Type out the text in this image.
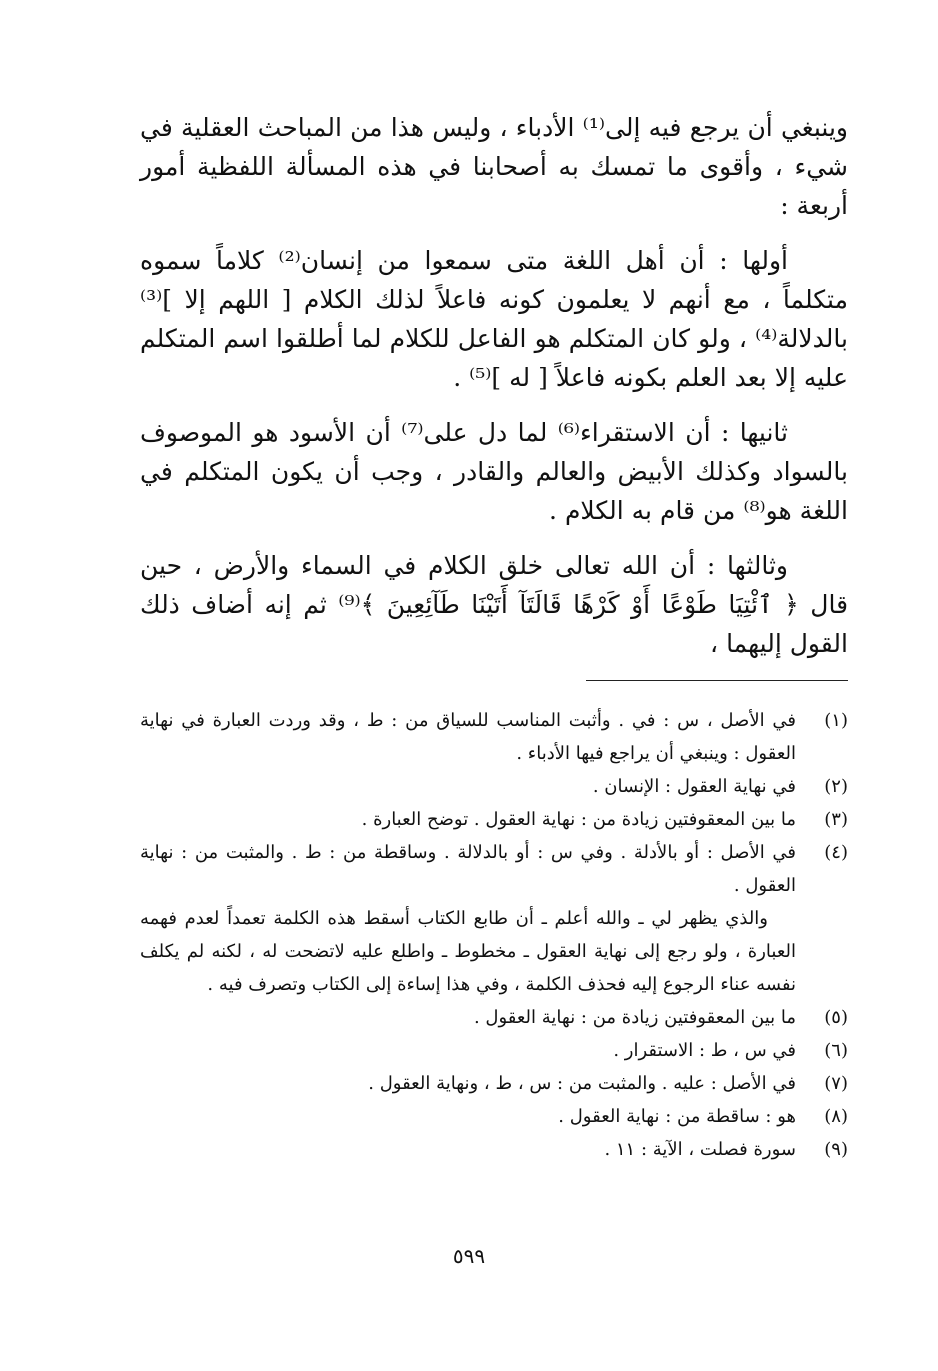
وينبغي أن يرجع فيه إلى⁽¹⁾ الأدباء ، وليس هذا من المباحث العقلية في شيء ، وأقوى ما تمسك به أصحابنا في هذه المسألة اللفظية أمور أربعة :

أولها : أن أهل اللغة متى سمعوا من إنسان⁽²⁾ كلاماً سموه متكلماً ، مع أنهم لا يعلمون كونه فاعلاً لذلك الكلام [ اللهم إلا ]⁽³⁾ بالدلالة⁽⁴⁾ ، ولو كان المتكلم هو الفاعل للكلام لما أطلقوا اسم المتكلم عليه إلا بعد العلم بكونه فاعلاً [ له ]⁽⁵⁾ .

ثانيها : أن الاستقراء⁽⁶⁾ لما دل على⁽⁷⁾ أن الأسود هو الموصوف بالسواد وكذلك الأبيض والعالم والقادر ، وجب أن يكون المتكلم في اللغة هو⁽⁸⁾ من قام به الكلام .

وثالثها : أن الله تعالى خلق الكلام في السماء والأرض ، حين قال ﴿ ٱئْتِيَا طَوْعًا أَوْ كَرْهًا قَالَتَآ أَتَيْنَا طَآئِعِينَ ﴾⁽⁹⁾ ثم إنه أضاف ذلك القول إليهما ،

(١)
في الأصل ، س : في . وأثبت المناسب للسياق من : ط ، وقد وردت العبارة في نهاية العقول : وينبغي أن يراجع فيها الأدباء .
(٢)
في نهاية العقول : الإنسان .
(٣)
ما بين المعقوفتين زيادة من : نهاية العقول . توضح العبارة .
(٤)
في الأصل : أو بالأدلة . وفي س : أو بالدلالة . وساقطة من : ط . والمثبت من : نهاية العقول .
والذي يظهر لي ـ والله أعلم ـ أن طابع الكتاب أسقط هذه الكلمة تعمداً لعدم فهمه العبارة ، ولو رجع إلى نهاية العقول ـ مخطوط ـ واطلع عليه لاتضحت له ، لكنه لم يكلف نفسه عناء الرجوع إليه فحذف الكلمة ، وفي هذا إساءة إلى الكتاب وتصرف فيه .
(٥)
ما بين المعقوفتين زيادة من : نهاية العقول .
(٦)
في س ، ط : الاستقرار .
(٧)
في الأصل : عليه . والمثبت من : س ، ط ، ونهاية العقول .
(٨)
هو : ساقطة من : نهاية العقول .
(٩)
سورة فصلت ، الآية : ١١ .
٥٩٩
